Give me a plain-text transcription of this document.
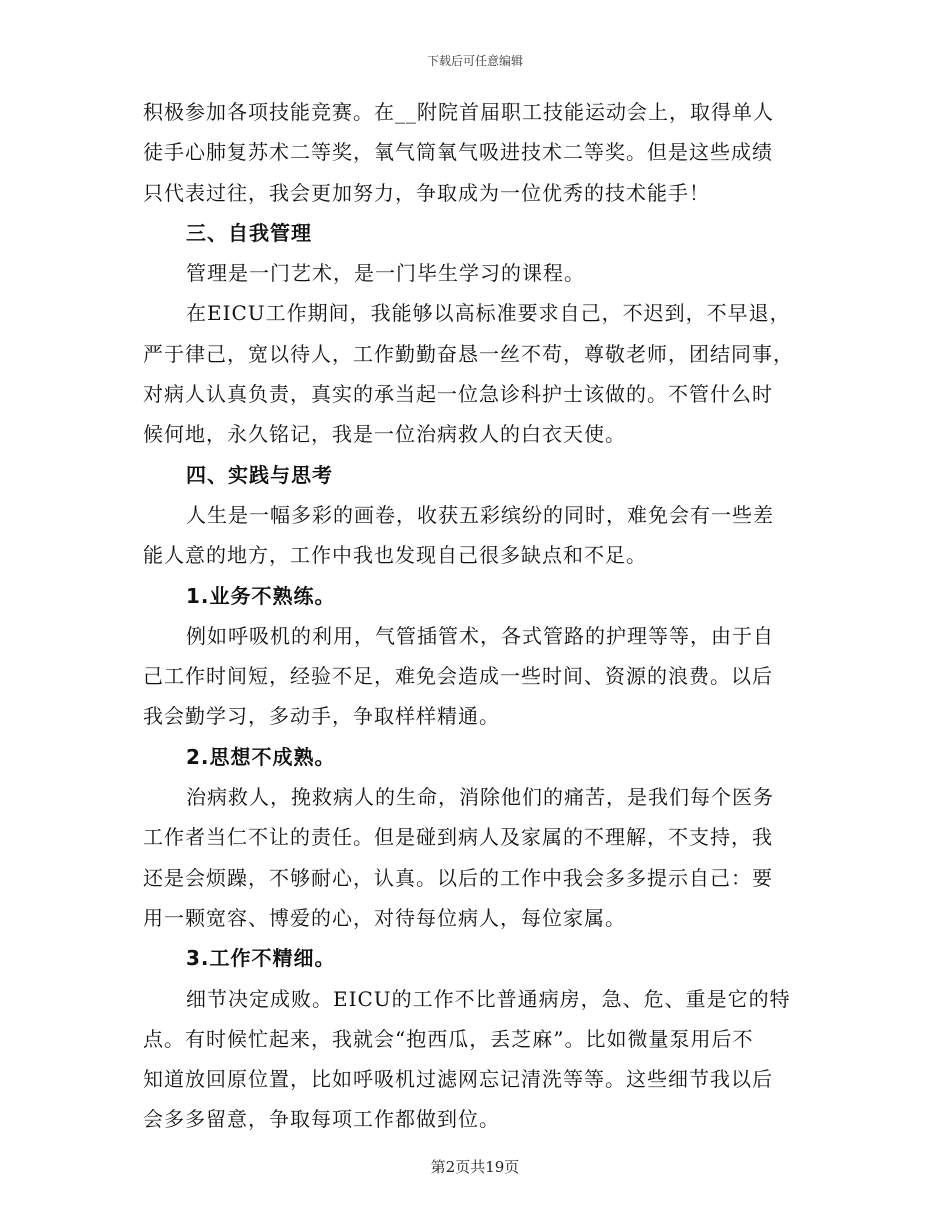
下载后可任意编辑
积极参加各项技能竞赛。在__附院首届职工技能运动会上，取得单人
徒手心肺复苏术二等奖，氧气筒氧气吸进技术二等奖。但是这些成绩
只代表过往，我会更加努力，争取成为一位优秀的技术能手！
三、自我管理
管理是一门艺术，是一门毕生学习的课程。
在EICU工作期间，我能够以高标准要求自己，不迟到，不早退，
严于律己，宽以待人，工作勤勤奋恳一丝不苟，尊敬老师，团结同事，
对病人认真负责，真实的承当起一位急诊科护士该做的。不管什么时
候何地，永久铭记，我是一位治病救人的白衣天使。
四、实践与思考
人生是一幅多彩的画卷，收获五彩缤纷的同时，难免会有一些差
能人意的地方，工作中我也发现自己很多缺点和不足。
1.业务不熟练。
例如呼吸机的利用，气管插管术，各式管路的护理等等，由于自
己工作时间短，经验不足，难免会造成一些时间、资源的浪费。以后
我会勤学习，多动手，争取样样精通。
2.思想不成熟。
治病救人，挽救病人的生命，消除他们的痛苦，是我们每个医务
工作者当仁不让的责任。但是碰到病人及家属的不理解，不支持，我
还是会烦躁，不够耐心，认真。以后的工作中我会多多提示自己：要
用一颗宽容、博爱的心，对待每位病人，每位家属。
3.工作不精细。
细节决定成败。EICU的工作不比普通病房，急、危、重是它的特
点。有时候忙起来，我就会“抱西瓜，丢芝麻”。比如微量泵用后不
知道放回原位置，比如呼吸机过滤网忘记清洗等等。这些细节我以后
会多多留意，争取每项工作都做到位。
第2页共19页
